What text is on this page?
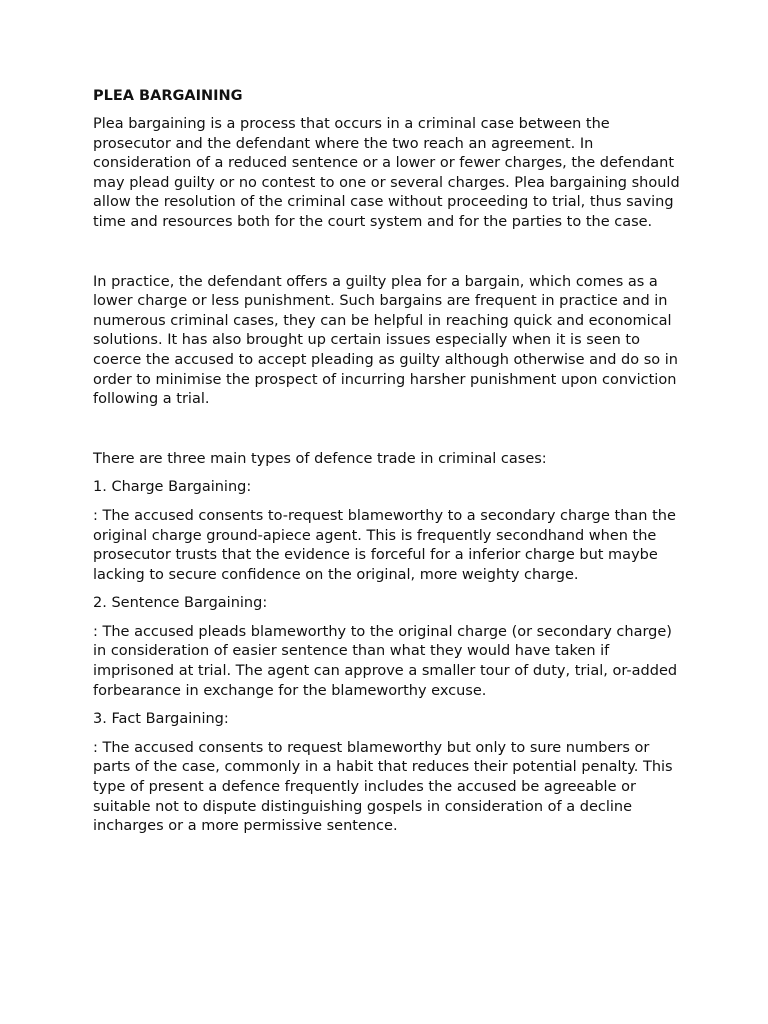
PLEA BARGAINING

Plea bargaining is a process that occurs in a criminal case between the prosecutor and the defendant where the two reach an agreement. In consideration of a reduced sentence or a lower or fewer charges, the defendant may plead guilty or no contest to one or several charges. Plea bargaining should allow the resolution of the criminal case without proceeding to trial, thus saving time and resources both for the court system and for the parties to the case.

In practice, the defendant offers a guilty plea for a bargain, which comes as a lower charge or less punishment. Such bargains are frequent in practice and in numerous criminal cases, they can be helpful in reaching quick and economical solutions. It has also brought up certain issues especially when it is seen to coerce the accused to accept pleading as guilty although otherwise and do so in order to minimise the prospect of incurring harsher punishment upon conviction following a trial.

There are three main types of defence trade in criminal cases:

1. Charge Bargaining:

: The accused consents to-request blameworthy to a secondary charge than the original charge ground-apiece agent. This is frequently secondhand when the prosecutor trusts that the evidence is forceful for a inferior charge but maybe lacking to secure confidence on the original, more weighty charge.

2. Sentence Bargaining:

: The accused pleads blameworthy to the original charge (or secondary charge) in consideration of easier sentence than what they would have taken if imprisoned at trial. The agent can approve a smaller tour of duty, trial, or-added forbearance in exchange for the blameworthy excuse.

3. Fact Bargaining:

: The accused consents to request blameworthy but only to sure numbers or parts of the case, commonly in a habit that reduces their potential penalty. This type of present a defence frequently includes the accused be agreeable or suitable not to dispute distinguishing gospels in consideration of a decline incharges or a more permissive sentence.
